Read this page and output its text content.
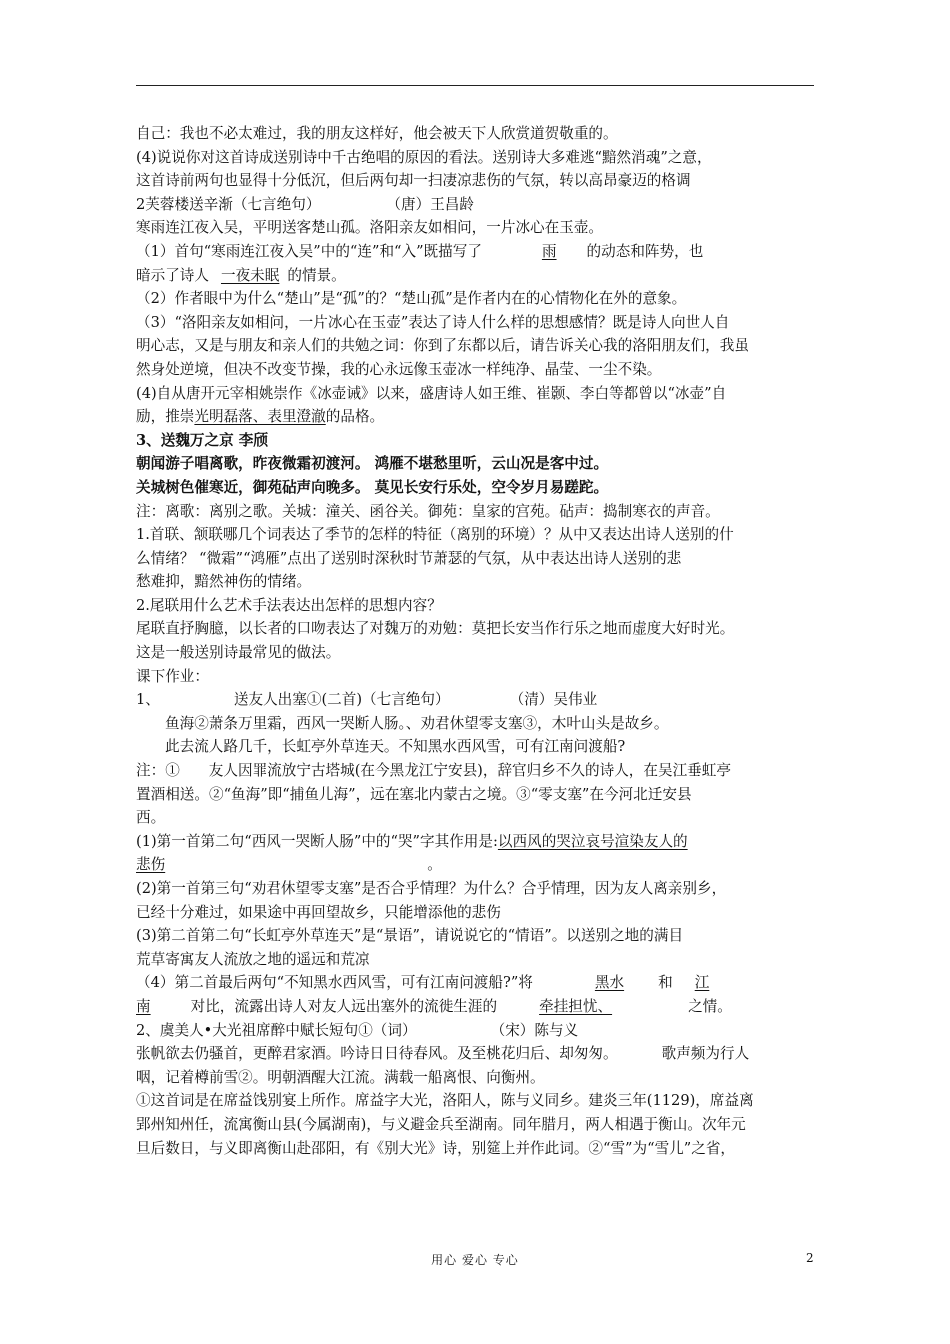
自己：我也不必太难过，我的朋友这样好，他会被天下人欣赏道贺敬重的。
(4)说说你对这首诗成送别诗中千古绝唱的原因的看法。送别诗大多难逃“黯然消魂”之意，
这首诗前两句也显得十分低沉，但后两句却一扫凄凉悲伤的气氛，转以高昂豪迈的格调
2芙蓉楼送辛渐（七言绝句）	（唐）王昌龄
寒雨连江夜入吴，平明送客楚山孤。洛阳亲友如相问，一片冰心在玉壶。
（1）首句“寒雨连江夜入吴”中的“连”和“入”既描写了	雨 的动态和阵势，也
暗示了诗人 一夜未眠 的情景。
（2）作者眼中为什么“楚山”是“孤”的？“楚山孤”是作者内在的心情物化在外的意象。
（3）“洛阳亲友如相问，一片冰心在玉壶”表达了诗人什么样的思想感情？既是诗人向世人自
明心志，又是与朋友和亲人们的共勉之词：你到了东都以后，请告诉关心我的洛阳朋友们，我虽
然身处逆境，但决不改变节操，我的心永远像玉壶冰一样纯净、晶莹、一尘不染。
(4)自从唐开元宰相姚崇作《冰壶诫》以来，盛唐诗人如王维、崔颢、李白等都曾以“冰壶”自
励，推崇光明磊落、表里澄澈的品格。
3、送魏万之京 李颀
朝闻游子唱离歌，昨夜微霜初渡河。 鸿雁不堪愁里听，云山况是客中过。
关城树色催寒近，御苑砧声向晚多。 莫见长安行乐处，空令岁月易蹉跎。
注：离歌：离别之歌。关城：潼关、函谷关。御苑：皇家的宫苑。砧声：捣制寒衣的声音。
1.首联、颔联哪几个词表达了季节的怎样的特征（离别的环境）？从中又表达出诗人送别的什
么情绪？ “微霜”“鸿雁”点出了送别时深秋时节萧瑟的气氛，从中表达出诗人送别的悲
愁难抑，黯然神伤的情绪。
2.尾联用什么艺术手法表达出怎样的思想内容？
尾联直抒胸臆，以长者的口吻表达了对魏万的劝勉：莫把长安当作行乐之地而虚度大好时光。
这是一般送别诗最常见的做法。
课下作业：
1、	送友人出塞①(二首)（七言绝句）	（清）吴伟业
鱼海②萧条万里霜，西风一哭断人肠。、劝君休望零支塞③，木叶山头是故乡。
此去流人路几千，长虹亭外草连天。不知黑水西风雪，可有江南问渡船?
注：① 友人因罪流放宁古塔城(在今黑龙江宁安县)，辞官归乡不久的诗人，在吴江垂虹亭
置酒相送。②“鱼海”即“捕鱼儿海”，远在塞北内蒙古之境。③“零支塞”在今河北迁安县
西。
(1)第一首第二句“西风一哭断人肠”中的“哭”字其作用是:以西风的哭泣哀号渲染友人的
悲伤	。
(2)第一首第三句“劝君休望零支塞”是否合乎情理？为什么？合乎情理，因为友人离亲别乡，
已经十分难过，如果途中再回望故乡，只能增添他的悲伤
(3)第二首第二句“长虹亭外草连天”是“景语”，请说说它的“情语”。以送别之地的满目
荒草寄寓友人流放之地的遥远和荒凉
（4）第二首最后两句“不知黑水西风雪，可有江南问渡船?”将	黑水 和 江
南	对比，流露出诗人对友人远出塞外的流徙生涯的	牵挂担忧、	之情。
2、虞美人•大光祖席醉中赋长短句①（词）	（宋）陈与义
张帆欲去仍骚首，更醉君家酒。吟诗日日待春风。及至桃花归后、却匆匆。	歌声频为行人
咽，记着樽前雪②。明朝酒醒大江流。满载一船离恨、向衡州。
①这首词是在席益饯别宴上所作。席益字大光，洛阳人，陈与义同乡。建炎三年(1129)，席益离
郢州知州任，流寓衡山县(今属湖南)，与义避金兵至湖南。同年腊月，两人相遇于衡山。次年元
旦后数日，与义即离衡山赴邵阳，有《别大光》诗，别筵上并作此词。②“雪”为“雪儿”之省，
用心 爱心 专心	2
